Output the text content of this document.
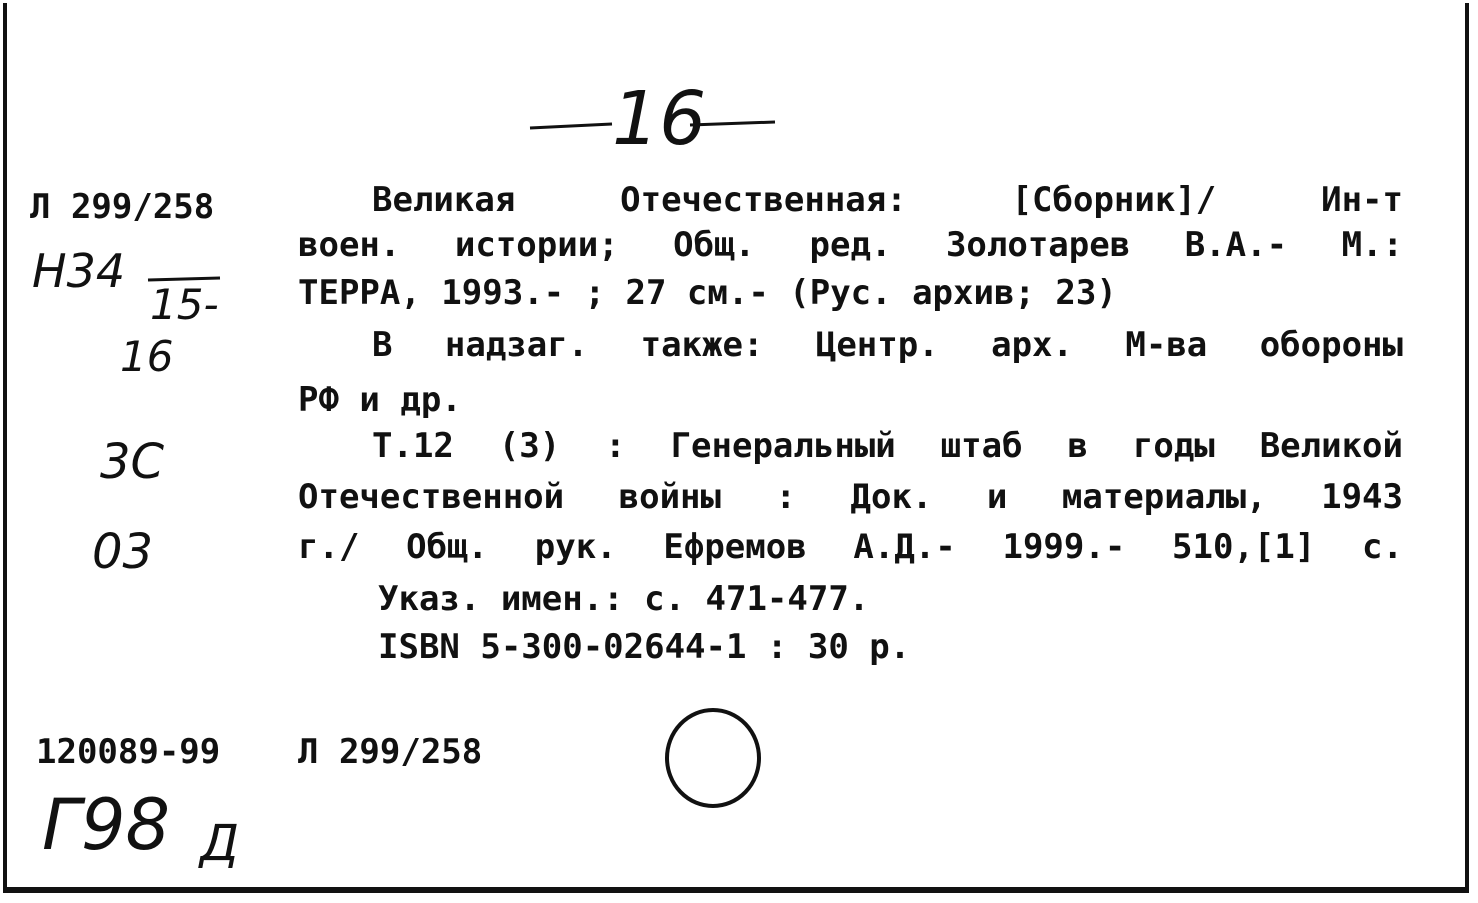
16
Л 299/258
Н34
15-
16
3С
03
Великая Отечественная: [Сборник]/ Ин-т
воен. истории; Общ. ред. Золотарев В.А.- М.:
ТЕРРА, 1993.- ; 27 см.- (Рус. архив; 23)
В надзаг. также: Центр. арх. М-ва обороны
РФ и др.
Т.12 (3) : Генеральный штаб в годы Великой
Отечественной войны : Док. и материалы, 1943
г./ Общ. рук. Ефремов А.Д.- 1999.- 510,[1] с.
Указ. имен.: с. 471-477.
ISBN 5-300-02644-1 : 30 р.
120089-99 Л 299/258
Г98 Д
